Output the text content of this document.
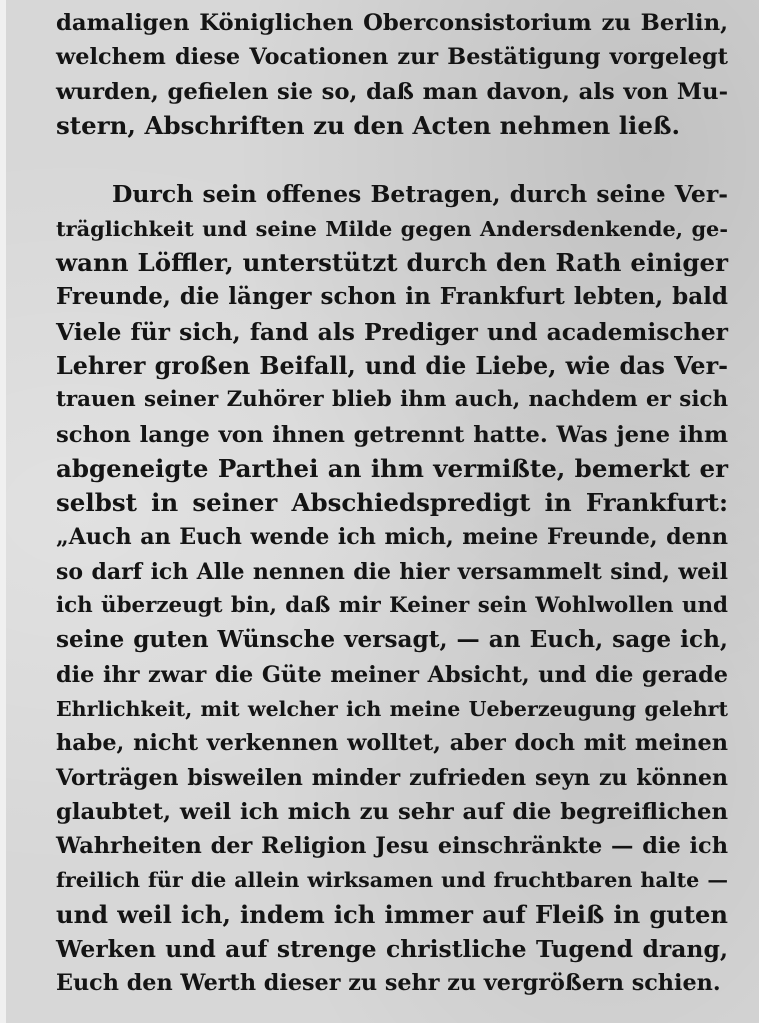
damaligen Königlichen Oberconsistorium zu Berlin,
welchem diese Vocationen zur Bestätigung vorgelegt
wurden, gefielen sie so, daß man davon, als von Mu-
stern, Abschriften zu den Acten nehmen ließ.
Durch sein offenes Betragen, durch seine Ver-
träglichkeit und seine Milde gegen Andersdenkende, ge-
wann Löffler, unterstützt durch den Rath einiger
Freunde, die länger schon in Frankfurt lebten, bald
Viele für sich, fand als Prediger und academischer
Lehrer großen Beifall, und die Liebe, wie das Ver-
trauen seiner Zuhörer blieb ihm auch, nachdem er sich
schon lange von ihnen getrennt hatte. Was jene ihm
abgeneigte Parthei an ihm vermißte, bemerkt er
selbst in seiner Abschiedspredigt in Frankfurt:
„Auch an Euch wende ich mich, meine Freunde, denn
so darf ich Alle nennen die hier versammelt sind, weil
ich überzeugt bin, daß mir Keiner sein Wohlwollen und
seine guten Wünsche versagt, — an Euch, sage ich,
die ihr zwar die Güte meiner Absicht, und die gerade
Ehrlichkeit, mit welcher ich meine Ueberzeugung gelehrt
habe, nicht verkennen wolltet, aber doch mit meinen
Vorträgen bisweilen minder zufrieden seyn zu können
glaubtet, weil ich mich zu sehr auf die begreiflichen
Wahrheiten der Religion Jesu einschränkte — die ich
freilich für die allein wirksamen und fruchtbaren halte —
und weil ich, indem ich immer auf Fleiß in guten
Werken und auf strenge christliche Tugend drang,
Euch den Werth dieser zu sehr zu vergrößern schien.
